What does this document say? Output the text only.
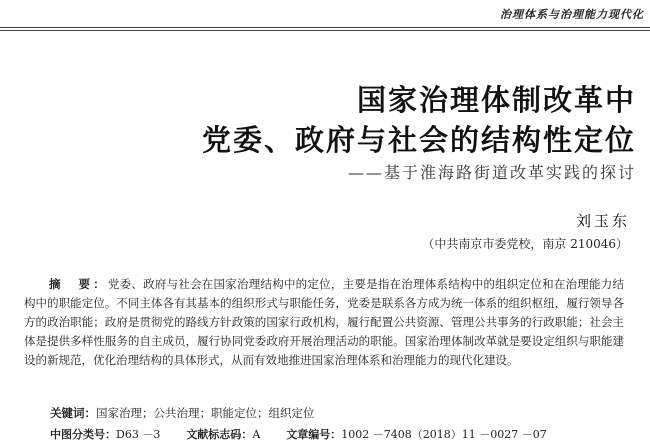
治理体系与治理能力现代化
国家治理体制改革中
党委、政府与社会的结构性定位
——基于淮海路街道改革实践的探讨
刘玉东
（中共南京市委党校，南京 210046）
摘　要：党委、政府与社会在国家治理结构中的定位，主要是指在治理体系结构中的组织定位和在治理能力结构中的职能定位。不同主体各有其基本的组织形式与职能任务，党委是联系各方成为统一体系的组织枢纽，履行领导各方的政治职能；政府是贯彻党的路线方针政策的国家行政机构，履行配置公共资源、管理公共事务的行政职能；社会主体是提供多样性服务的自主成员，履行协同党委政府开展治理活动的职能。国家治理体制改革就是要设定组织与职能建设的新规范，优化治理结构的具体形式，从而有效地推进国家治理体系和治理能力的现代化建设。
关键词：国家治理；公共治理；职能定位；组织定位
中图分类号：D63 －3 文献标志码：A 文章编号：1002 －7408（2018）11 －0027 －07
